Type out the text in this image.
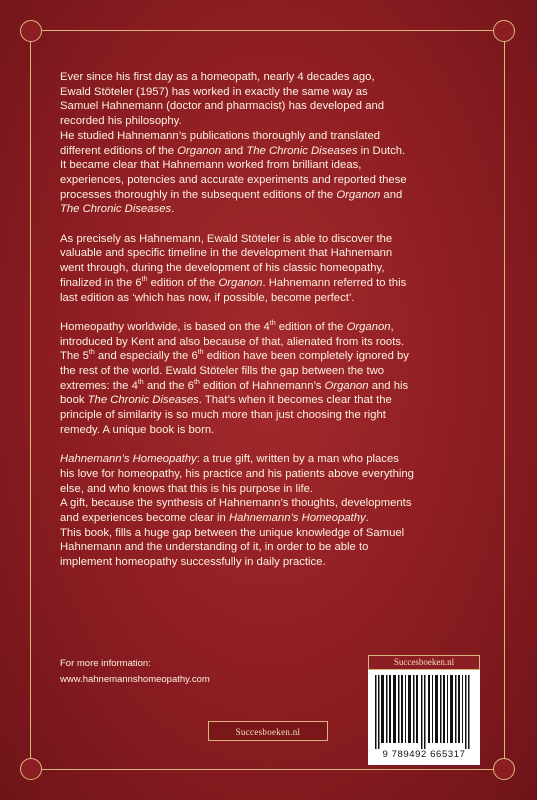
Ever since his first day as a homeopath, nearly 4 decades ago,
Ewald Stöteler (1957) has worked in exactly the same way as
Samuel Hahnemann (doctor and pharmacist) has developed and
recorded his philosophy.

He studied Hahnemann’s publications thoroughly and translated
different editions of the Organon and The Chronic Diseases in Dutch.

It became clear that Hahnemann worked from brilliant ideas,
experiences, potencies and accurate experiments and reported these
processes thoroughly in the subsequent editions of the Organon and
The Chronic Diseases.

As precisely as Hahnemann, Ewald Stöteler is able to discover the
valuable and specific timeline in the development that Hahnemann
went through, during the development of his classic homeopathy,
finalized in the 6th edition of the Organon. Hahnemann referred to this
last edition as ‘which has now, if possible, become perfect’.

Homeopathy worldwide, is based on the 4th edition of the Organon,
introduced by Kent and also because of that, alienated from its roots.
The 5th and especially the 6th edition have been completely ignored by
the rest of the world. Ewald Stöteler fills the gap between the two
extremes: the 4th and the 6th edition of Hahnemann’s Organon and his
book The Chronic Diseases. That’s when it becomes clear that the
principle of similarity is so much more than just choosing the right
remedy. A unique book is born.

Hahnemann’s Homeopathy: a true gift, written by a man who places
his love for homeopathy, his practice and his patients above everything
else, and who knows that this is his purpose in life.

A gift, because the synthesis of Hahnemann’s thoughts, developments
and experiences become clear in Hahnemann’s Homeopathy.

This book, fills a huge gap between the unique knowledge of Samuel
Hahnemann and the understanding of it, in order to be able to
implement homeopathy successfully in daily practice.

For more information:
www.hahnemannshomeopathy.com
Succesboeken.nl
Succesboeken.nl
9 789492 665317
